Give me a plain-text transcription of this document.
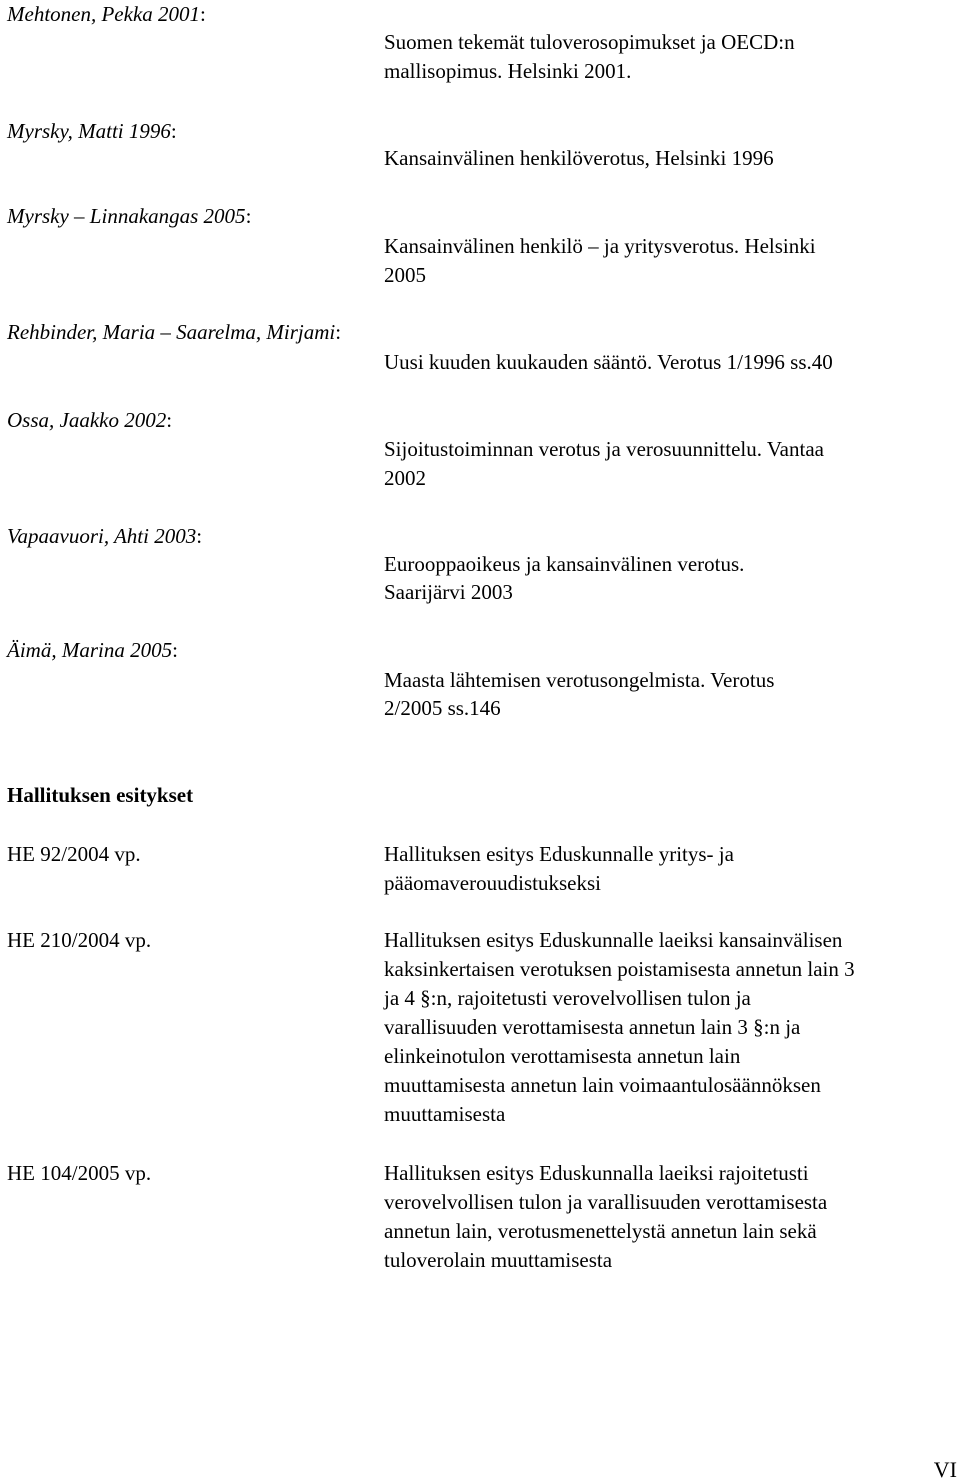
Mehtonen, Pekka 2001:
Suomen tekemät tuloverosopimukset ja OECD:n
mallisopimus. Helsinki 2001.
Myrsky, Matti 1996:
Kansainvälinen henkilöverotus, Helsinki 1996
Myrsky – Linnakangas 2005:
Kansainvälinen henkilö – ja yritysverotus. Helsinki
2005
Rehbinder, Maria – Saarelma, Mirjami:
Uusi kuuden kuukauden sääntö. Verotus 1/1996 ss.40
Ossa, Jaakko 2002:
Sijoitustoiminnan verotus ja verosuunnittelu. Vantaa
2002
Vapaavuori, Ahti 2003:
Eurooppaoikeus ja kansainvälinen verotus.
Saarijärvi 2003
Äimä, Marina 2005:
Maasta lähtemisen verotusongelmista. Verotus
2/2005 ss.146
Hallituksen esitykset
HE 92/2004 vp.	Hallituksen esitys Eduskunnalle yritys- ja
pääomaverouudistukseksi
HE 210/2004 vp.	Hallituksen esitys Eduskunnalle laeiksi kansainvälisen
kaksinkertaisen verotuksen poistamisesta annetun lain 3
ja 4 §:n, rajoitetusti verovelvollisen tulon ja
varallisuuden verottamisesta annetun lain 3 §:n ja
elinkeinotulon verottamisesta annetun lain
muuttamisesta annetun lain voimaantulosäännöksen
muuttamisesta
HE 104/2005 vp.	Hallituksen esitys Eduskunnalla laeiksi rajoitetusti
verovelvollisen tulon ja varallisuuden verottamisesta
annetun lain, verotusmenettelystä annetun lain sekä
tuloverolain muuttamisesta
VI
